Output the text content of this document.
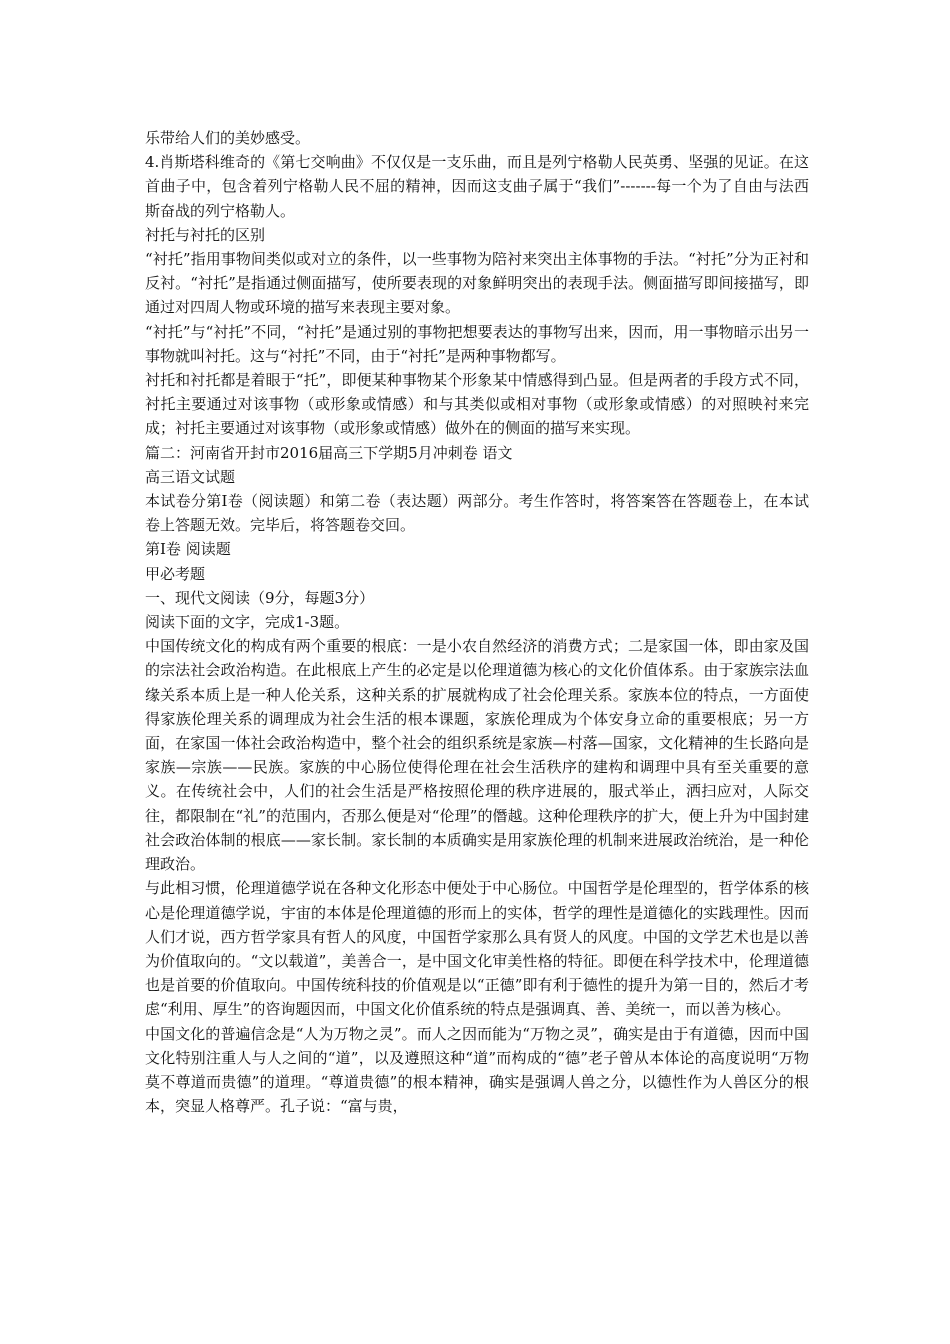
乐带给人们的美妙感受。

4.肖斯塔科维奇的《第七交响曲》不仅仅是一支乐曲，而且是列宁格勒人民英勇、坚强的见证。在这首曲子中，包含着列宁格勒人民不屈的精神，因而这支曲子属于“我们”-------每一个为了自由与法西斯奋战的列宁格勒人。

衬托与衬托的区别

“衬托”指用事物间类似或对立的条件，以一些事物为陪衬来突出主体事物的手法。“衬托”分为正衬和反衬。“衬托”是指通过侧面描写，使所要表现的对象鲜明突出的表现手法。侧面描写即间接描写，即通过对四周人物或环境的描写来表现主要对象。

“衬托”与“衬托”不同，“衬托”是通过别的事物把想要表达的事物写出来，因而，用一事物暗示出另一事物就叫衬托。这与“衬托”不同，由于“衬托”是两种事物都写。

衬托和衬托都是着眼于“托”，即便某种事物某个形象某中情感得到凸显。但是两者的手段方式不同，衬托主要通过对该事物（或形象或情感）和与其类似或相对事物（或形象或情感）的对照映衬来完成；衬托主要通过对该事物（或形象或情感）做外在的侧面的描写来实现。

篇二：河南省开封市2016届高三下学期5月冲刺卷 语文

高三语文试题

本试卷分第I卷（阅读题）和第二卷（表达题）两部分。考生作答时，将答案答在答题卷上，在本试卷上答题无效。完毕后，将答题卷交回。

第I卷 阅读题

甲必考题

一、现代文阅读（9分，每题3分）

阅读下面的文字，完成1-3题。

中国传统文化的构成有两个重要的根底：一是小农自然经济的消费方式；二是家国一体，即由家及国的宗法社会政治构造。在此根底上产生的必定是以伦理道德为核心的文化价值体系。由于家族宗法血缘关系本质上是一种人伦关系，这种关系的扩展就构成了社会伦理关系。家族本位的特点，一方面使得家族伦理关系的调理成为社会生活的根本课题，家族伦理成为个体安身立命的重要根底；另一方面，在家国一体社会政治构造中，整个社会的组织系统是家族—村落—国家，文化精神的生长路向是家族—宗族——民族。家族的中心肠位使得伦理在社会生活秩序的建构和调理中具有至关重要的意义。在传统社会中，人们的社会生活是严格按照伦理的秩序进展的，服式举止，洒扫应对，人际交往，都限制在“礼”的范围内，否那么便是对“伦理”的僭越。这种伦理秩序的扩大，便上升为中国封建社会政治体制的根底——家长制。家长制的本质确实是用家族伦理的机制来进展政治统治，是一种伦理政治。

与此相习惯，伦理道德学说在各种文化形态中便处于中心肠位。中国哲学是伦理型的，哲学体系的核心是伦理道德学说，宇宙的本体是伦理道德的形而上的实体，哲学的理性是道德化的实践理性。因而人们才说，西方哲学家具有哲人的风度，中国哲学家那么具有贤人的风度。中国的文学艺术也是以善为价值取向的。“文以载道”，美善合一，是中国文化审美性格的特征。即便在科学技术中，伦理道德也是首要的价值取向。中国传统科技的价值观是以“正德”即有利于德性的提升为第一目的，然后才考虑“利用、厚生”的咨询题因而，中国文化价值系统的特点是强调真、善、美统一，而以善为核心。

中国文化的普遍信念是“人为万物之灵”。而人之因而能为“万物之灵”，确实是由于有道德，因而中国文化特别注重人与人之间的“道”，以及遵照这种“道”而构成的“德”老子曾从本体论的高度说明“万物莫不尊道而贵德”的道理。“尊道贵德”的根本精神，确实是强调人兽之分，以德性作为人兽区分的根本，突显人格尊严。孔子说：“富与贵，
